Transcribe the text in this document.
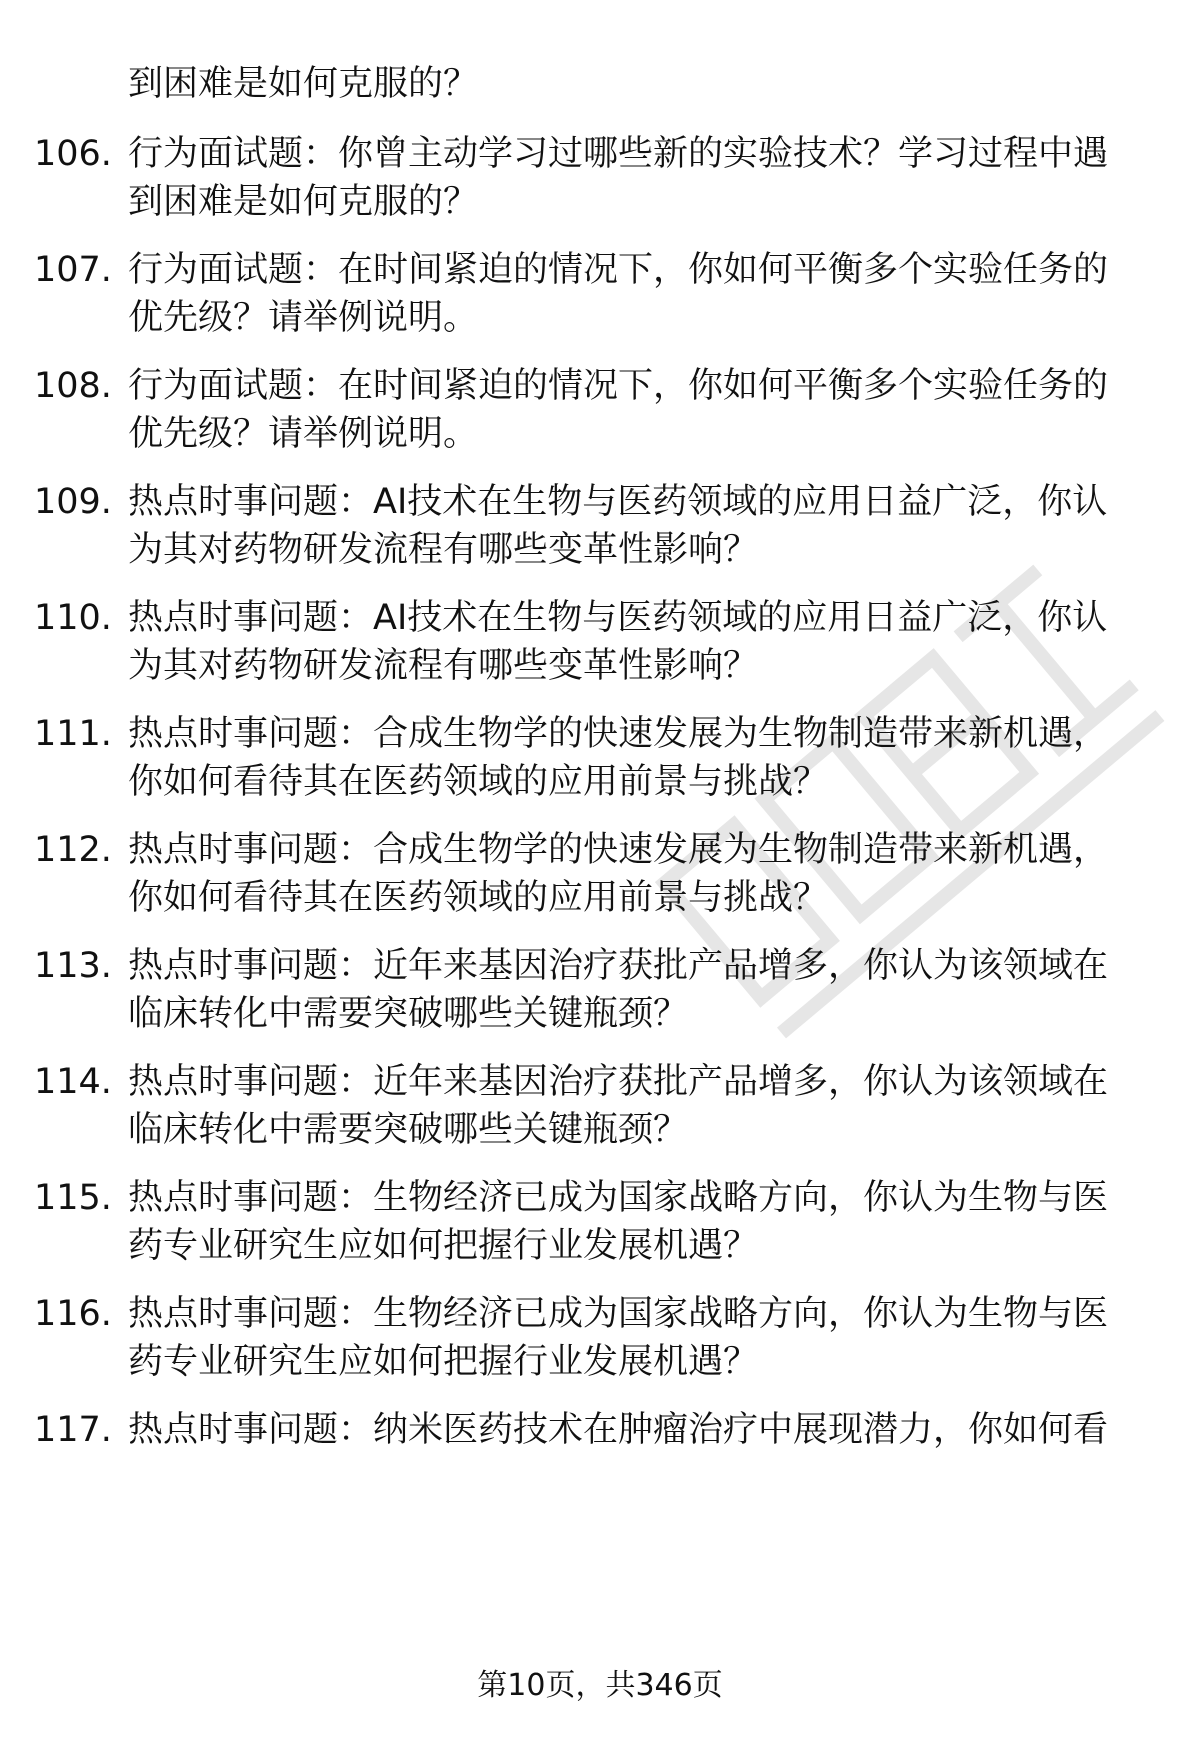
到困难是如何克服的？
106. 行为面试题：你曾主动学习过哪些新的实验技术？学习过程中遇
到困难是如何克服的？
107. 行为面试题：在时间紧迫的情况下，你如何平衡多个实验任务的
优先级？请举例说明。
108. 行为面试题：在时间紧迫的情况下，你如何平衡多个实验任务的
优先级？请举例说明。
109. 热点时事问题：AI技术在生物与医药领域的应用日益广泛，你认
为其对药物研发流程有哪些变革性影响？
110. 热点时事问题：AI技术在生物与医药领域的应用日益广泛，你认
为其对药物研发流程有哪些变革性影响？
111. 热点时事问题：合成生物学的快速发展为生物制造带来新机遇，
你如何看待其在医药领域的应用前景与挑战？
112. 热点时事问题：合成生物学的快速发展为生物制造带来新机遇，
你如何看待其在医药领域的应用前景与挑战？
113. 热点时事问题：近年来基因治疗获批产品增多，你认为该领域在
临床转化中需要突破哪些关键瓶颈？
114. 热点时事问题：近年来基因治疗获批产品增多，你认为该领域在
临床转化中需要突破哪些关键瓶颈？
115. 热点时事问题：生物经济已成为国家战略方向，你认为生物与医
药专业研究生应如何把握行业发展机遇？
116. 热点时事问题：生物经济已成为国家战略方向，你认为生物与医
药专业研究生应如何把握行业发展机遇？
117. 热点时事问题：纳米医药技术在肿瘤治疗中展现潜力，你如何看
第10页，共346页
